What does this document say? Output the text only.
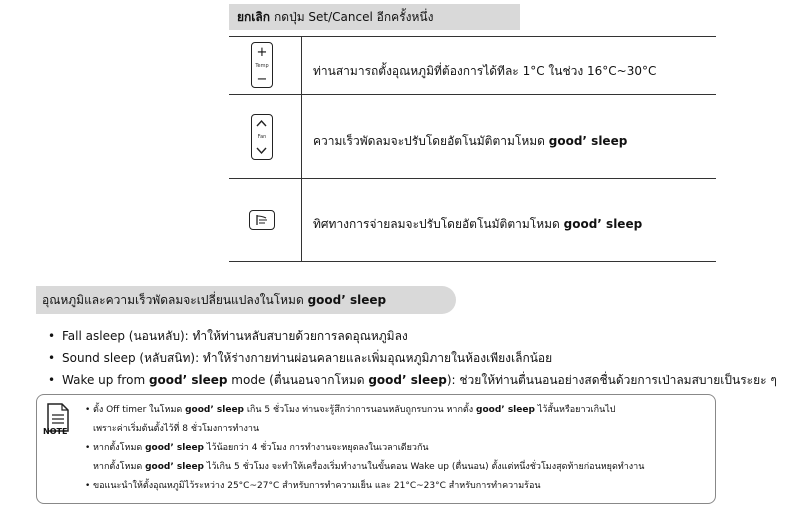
ยกเลิก กดปุ่ม Set/Cancel อีกครั้งหนึ่ง
+
Temp
−
ท่านสามารถตั้งอุณหภูมิที่ต้องการได้ทีละ 1°C ในช่วง 16°C~30°C
Fan	ความเร็วพัดลมจะปรับโดยอัตโนมัติตามโหมด good’ sleep
ทิศทางการจ่ายลมจะปรับโดยอัตโนมัติตามโหมด good’ sleep
อุณหภูมิและความเร็วพัดลมจะเปลี่ยนแปลงในโหมด good’ sleep
• Fall asleep (นอนหลับ): ทำให้ท่านหลับสบายด้วยการลดอุณหภูมิลง
• Sound sleep (หลับสนิท): ทำให้ร่างกายท่านผ่อนคลายและเพิ่มอุณหภูมิภายในห้องเพียงเล็กน้อย
• Wake up from good’ sleep mode (ตื่นนอนจากโหมด good’ sleep): ช่วยให้ท่านตื่นนอนอย่างสดชื่นด้วยการเป่าลมสบายเป็นระยะ ๆ
NOTE
• ตั้ง Off timer ในโหมด good’ sleep เกิน 5 ชั่วโมง ท่านจะรู้สึกว่าการนอนหลับถูกรบกวน หากตั้ง good’ sleep ไว้สั้นหรือยาวเกินไป
เพราะค่าเริ่มต้นตั้งไว้ที่ 8 ชั่วโมงการทำงาน
• หากตั้งโหมด good’ sleep ไว้น้อยกว่า 4 ชั่วโมง การทำงานจะหยุดลงในเวลาเดียวกัน
หากตั้งโหมด good’ sleep ไว้เกิน 5 ชั่วโมง จะทำให้เครื่องเริ่มทำงานในขั้นตอน Wake up (ตื่นนอน) ตั้งแต่หนึ่งชั่วโมงสุดท้ายก่อนหยุดทำงาน
• ขอแนะนำให้ตั้งอุณหภูมิไว้ระหว่าง 25°C~27°C สำหรับการทำความเย็น และ 21°C~23°C สำหรับการทำความร้อน
